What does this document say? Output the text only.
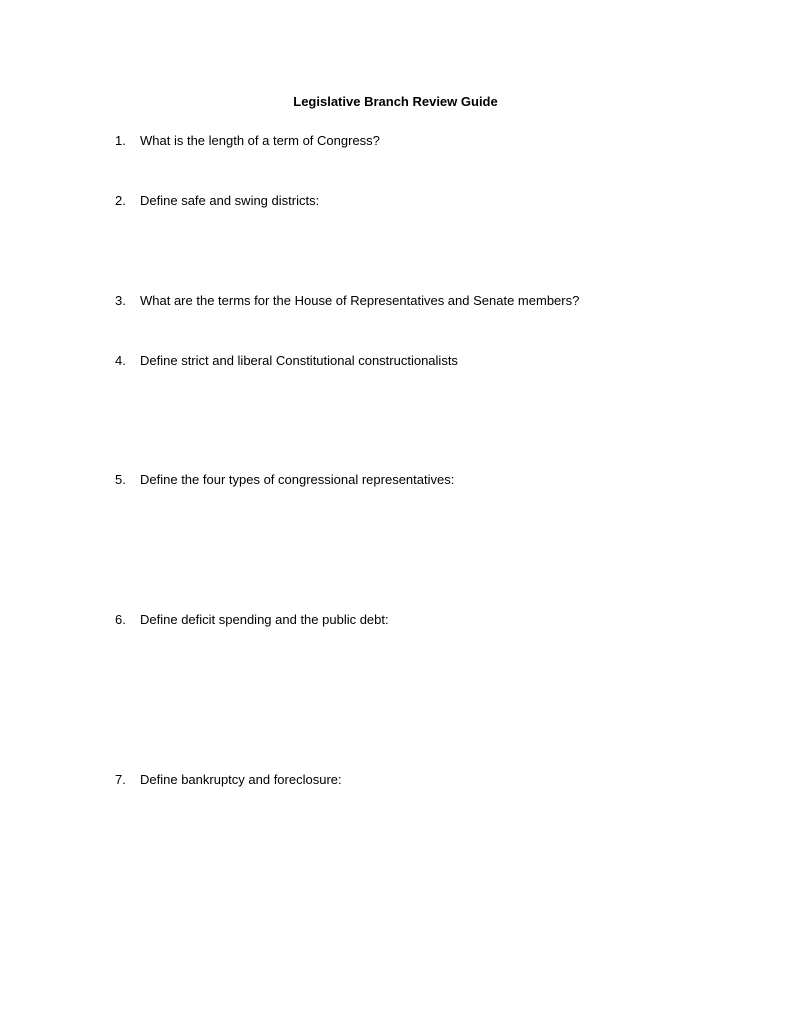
Legislative Branch Review Guide
1. What is the length of a term of Congress?
2. Define safe and swing districts:
3. What are the terms for the House of Representatives and Senate members?
4. Define strict and liberal Constitutional constructionalists
5. Define the four types of congressional representatives:
6. Define deficit spending and the public debt:
7. Define bankruptcy and foreclosure:
